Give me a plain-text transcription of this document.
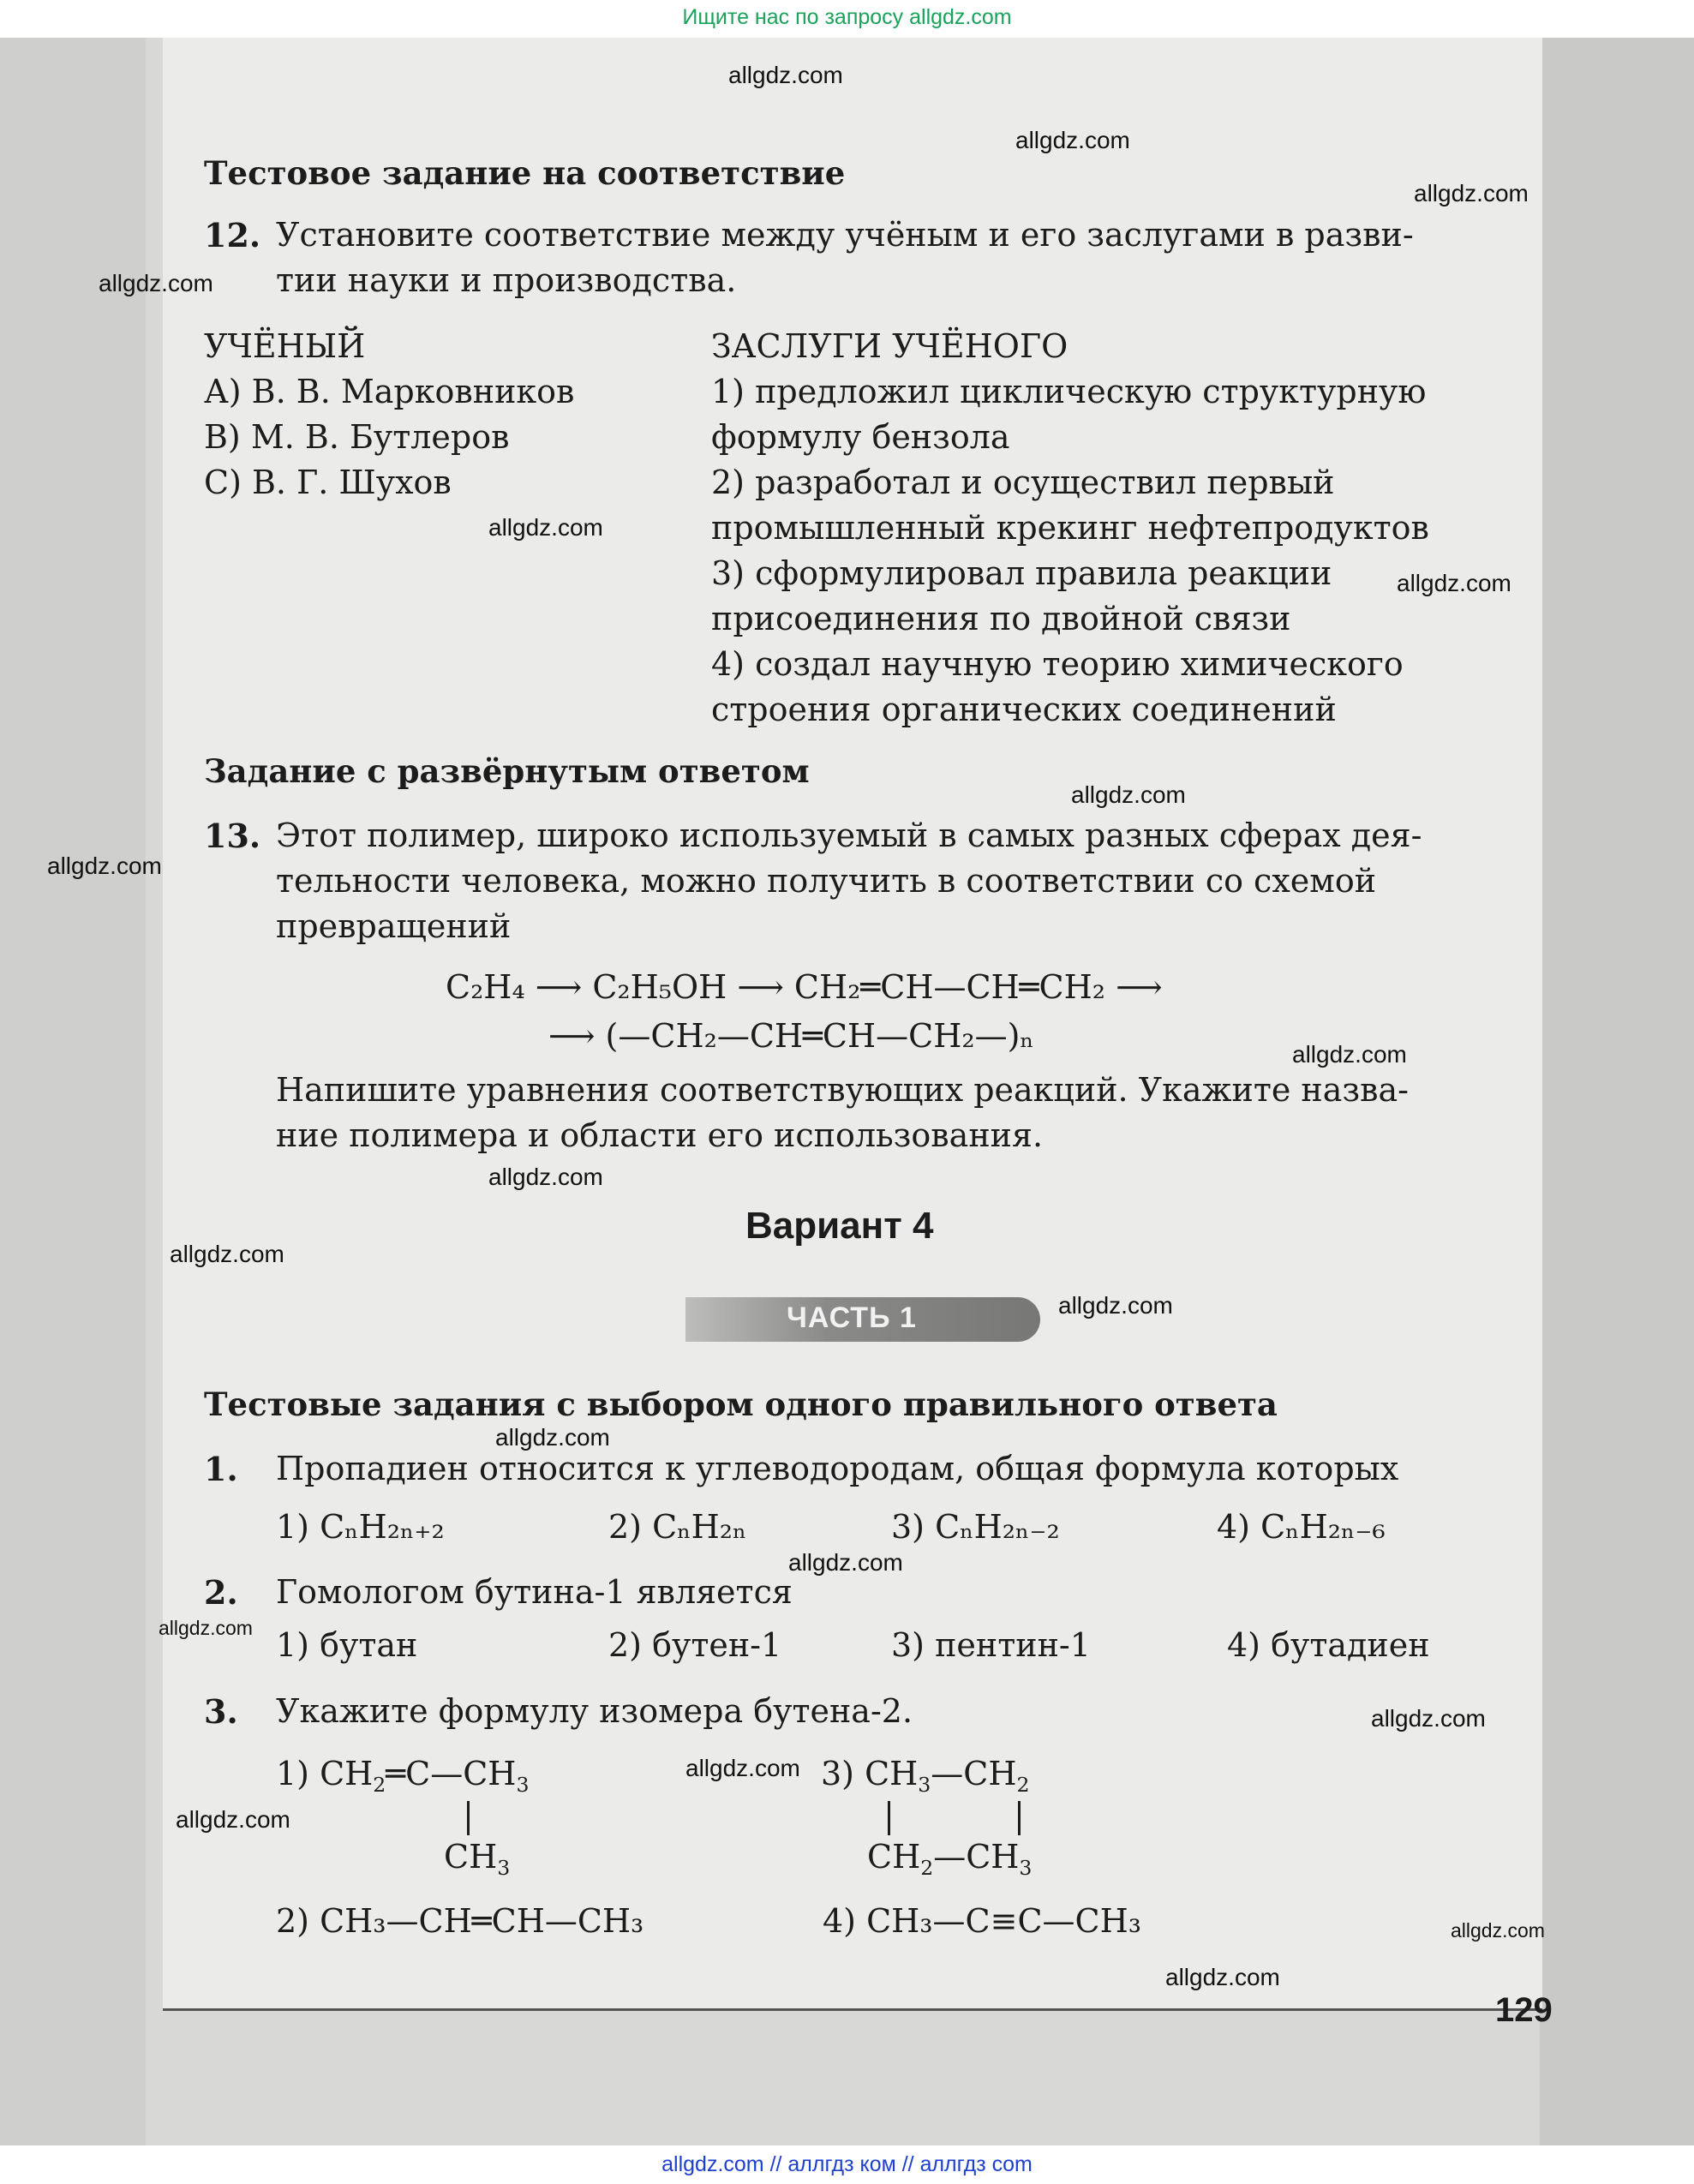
Ищите нас по запросу allgdz.com
Тестовое задание на соответствие
12. Установите соответствие между учёным и его заслугами в разви-
тии науки и производства.
УЧЁНЫЙ	ЗАСЛУГИ УЧЁНОГО
А) В. В. Марковников
В) М. В. Бутлеров
С) В. Г. Шухов
1) предложил циклическую структурную
формулу бензола
2) разработал и осуществил первый
промышленный крекинг нефтепродуктов
3) сформулировал правила реакции
присоединения по двойной связи
4) создал научную теорию химического
строения органических соединений
Задание с развёрнутым ответом
13. Этот полимер, широко используемый в самых разных сферах дея-
тельности человека, можно получить в соответствии со схемой
превращений
C₂H₄ ⟶ C₂H₅OH ⟶ CH₂═CH—CH═CH₂ ⟶
⟶ (—CH₂—CH═CH—CH₂—)ₙ
Напишите уравнения соответствующих реакций. Укажите назва-
ние полимера и области его использования.
Вариант 4
ЧАСТЬ 1
Тестовые задания с выбором одного правильного ответа
1. Пропадиен относится к углеводородам, общая формула которых
1) CₙH₂ₙ₊₂	2) CₙH₂ₙ	3) CₙH₂ₙ₋₂	4) CₙH₂ₙ₋₆
2. Гомологом бутина-1 является
1) бутан	2) бутен-1	3) пентин-1	4) бутадиен
3. Укажите формулу изомера бутена-2.
1) $CH_2═C—CH_3$
$CH_3$
3) $CH_3—CH_2$
$CH_2—CH_3$
2) CH₃—CH═CH—CH₃	4) CH₃—C≡C—CH₃
129
allgdz.com
allgdz.com
allgdz.com
allgdz.com
allgdz.com
allgdz.com
allgdz.com
allgdz.com
allgdz.com
allgdz.com
allgdz.com
allgdz.com
allgdz.com
allgdz.com
allgdz.com
allgdz.com
allgdz.com
allgdz.com
allgdz.com
allgdz.com
allgdz.com // аллгдз ком // аллгдз com
